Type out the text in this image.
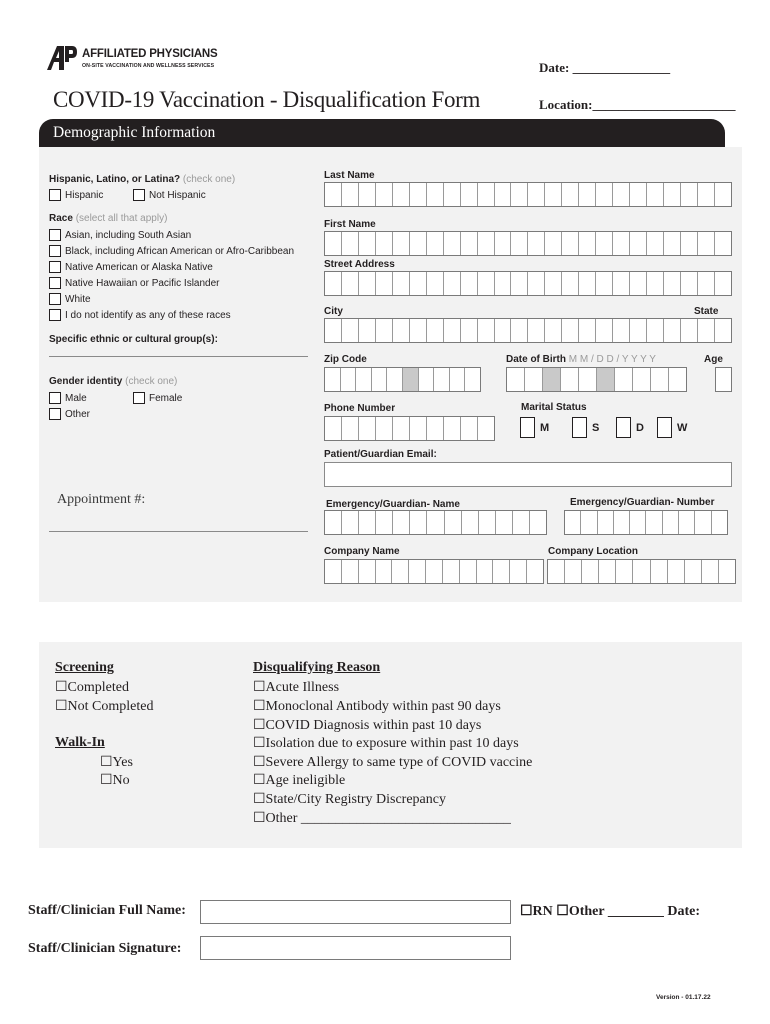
AFFILIATED PHYSICIANS
ON-SITE VACCINATION AND WELLNESS SERVICES
COVID-19 Vaccination - Disqualification Form
Date: _______________
Location:______________________
Demographic Information
Hispanic, Latino, or Latina? (check one)
Hispanic	Not Hispanic
Race (select all that apply)
Asian, including South Asian
Black, including African American or Afro-Caribbean
Native American or Alaska Native
Native Hawaiian or Pacific Islander
White
I do not identify as any of these races
Specific ethnic or cultural group(s):
Gender identity (check one)
Male	Female
Other
Appointment #:
Last Name
First Name
Street Address
City	State
Zip Code	Date of Birth M M / D D / Y Y Y Y	Age
Phone Number	Marital Status
M	S	D	W
Patient/Guardian Email:
Emergency/Guardian- Name	Emergency/Guardian- Number
Company Name	Company Location
Screening
☐Completed
☐Not Completed
Walk-In
☐Yes
☐No
Disqualifying Reason
☐Acute Illness
☐Monoclonal Antibody within past 90 days
☐COVID Diagnosis within past 10 days
☐Isolation due to exposure within past 10 days
☐Severe Allergy to same type of COVID vaccine
☐Age ineligible
☐State/City Registry Discrepancy
☐Other ______________________________
Staff/Clinician Full Name:	☐RN ☐Other ________ Date:
Staff/Clinician Signature:
Version - 01.17.22
